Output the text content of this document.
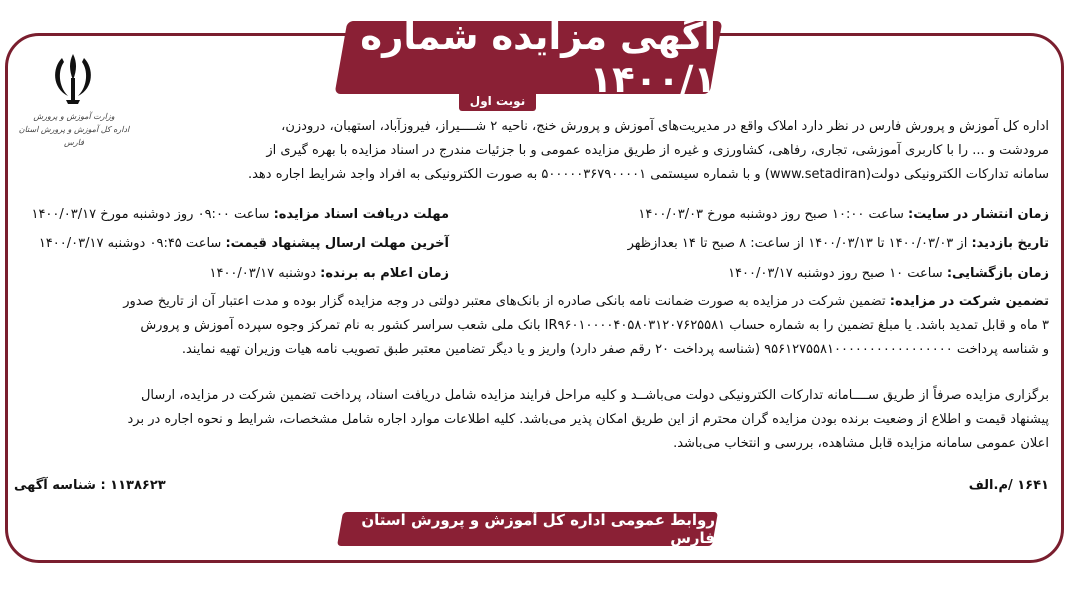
آگهی مزایده شماره ۱۴۰۰/۱
نوبت اول
وزارت آموزش و پرورش
اداره کل آموزش و پرورش استان فارس
اداره کل آموزش و پرورش فارس در نظر دارد املاک واقع در مدیریت‌های آموزش و پرورش خنج، ناحیه ۲ شــــیراز، فیروزآباد، استهبان، درودزن،
مرودشت و ... را با کاربری آموزشی، تجاری، رفاهی، کشاورزی و غیره از طریق مزایده عمومی و با جزئیات مندرج در اسناد مزایده با بهره گیری از
سامانه تدارکات الکترونیکی دولت(www.setadiran) و با شماره سیستمی ۵۰۰۰۰۰۳۶۷۹۰۰۰۰۱ به صورت الکترونیکی به افراد واجد شرایط اجاره دهد.
زمان انتشار در سایت: ساعت ۱۰:۰۰ صبح روز دوشنبه مورخ ۱۴۰۰/۰۳/۰۳
مهلت دریافت اسناد مزایده: ساعت ۰۹:۰۰ روز دوشنبه مورخ ۱۴۰۰/۰۳/۱۷
تاریخ بازدید: از ۱۴۰۰/۰۳/۰۳ تا ۱۴۰۰/۰۳/۱۳ از ساعت: ۸ صبح تا ۱۴ بعدازظهر
آخرین مهلت ارسال پیشنهاد قیمت: ساعت ۰۹:۴۵ دوشنبه ۱۴۰۰/۰۳/۱۷
زمان بازگشایی: ساعت ۱۰ صبح روز دوشنبه ۱۴۰۰/۰۳/۱۷
زمان اعلام به برنده: دوشنبه ۱۴۰۰/۰۳/۱۷
تضمین شرکت در مزایده: تضمین شرکت در مزایده به صورت ضمانت نامه بانکی صادره از بانک‌های معتبر دولتی در وجه مزایده گزار بوده و مدت اعتبار آن از تاریخ صدور
۳ ماه و قابل تمدید باشد. یا مبلغ تضمین را به شماره حساب IR۹۶۰۱۰۰۰۰۴۰۵۸۰۳۱۲۰۷۶۲۵۵۸۱ بانک ملی شعب سراسر کشور به نام تمرکز وجوه سپرده آموزش و پرورش
و شناسه پرداخت ۹۵۶۱۲۷۵۵۸۱۰۰۰۰۰۰۰۰۰۰۰۰۰۰۰۰۰ (شناسه پرداخت ۲۰ رقم صفر دارد) واریز و یا دیگر تضامین معتبر طبق تصویب نامه هیات وزیران تهیه نمایند.
برگزاری مزایده صرفاً از طریق ســــامانه تدارکات الکترونیکی دولت می‌باشــد و کلیه مراحل فرایند مزایده شامل دریافت اسناد، پرداخت تضمین شرکت در مزایده، ارسال
پیشنهاد قیمت و اطلاع از وضعیت برنده بودن مزایده گران محترم از این طریق امکان پذیر می‌باشد. کلیه اطلاعات موارد اجاره شامل مشخصات، شرایط و نحوه اجاره در برد
اعلان عمومی سامانه مزایده قابل مشاهده، بررسی و انتخاب می‌باشد.
۱۶۴۱ /م.الف
۱۱۳۸۶۲۳ : شناسه آگهی
روابط عمومی اداره کل آموزش و پرورش استان فارس
